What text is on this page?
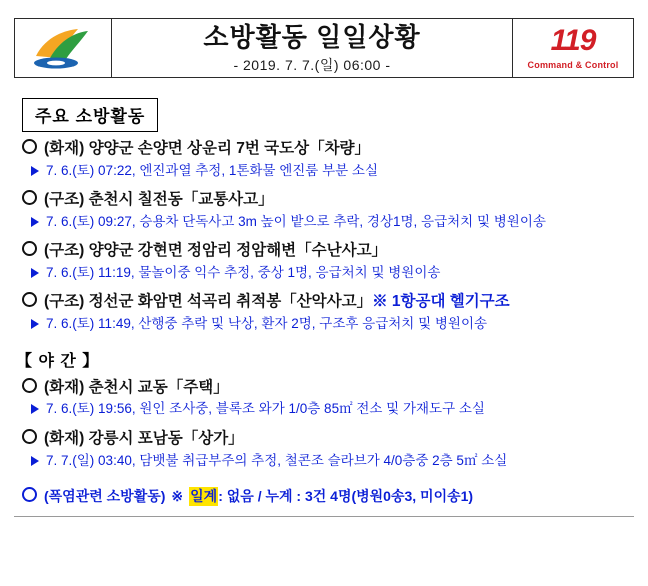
소방활동 일일상황
- 2019. 7. 7.(일) 06:00 -
119
Command & Control
주요 소방활동
(화재) 양양군 손양면 상운리 7번 국도상「차량」
7. 6.(토) 07:22, 엔진과열 추정, 1톤화물 엔진룸 부분 소실
(구조) 춘천시 칠전동「교통사고」
7. 6.(토) 09:27, 승용차 단독사고 3m 높이 밭으로 추락, 경상1명, 응급처치 및 병원이송
(구조) 양양군 강현면 정암리 정암해변「수난사고」
7. 6.(토) 11:19, 물놀이중 익수 추정, 중상 1명, 응급처치 및 병원이송
(구조) 정선군 화암면 석곡리 취적봉「산악사고」 ※ 1항공대 헬기구조
7. 6.(토) 11:49, 산행중 추락 및 낙상, 환자 2명, 구조후 응급처치 및 병원이송
【 야 간 】
(화재) 춘천시 교동「주택」
7. 6.(토) 19:56, 원인 조사중, 블록조 와가 1/0층 85㎡ 전소 및 가재도구 소실
(화재) 강릉시 포남동「상가」
7. 7.(일) 03:40, 담뱃불 취급부주의 추정, 철콘조 슬라브가 4/0층중 2층 5㎡ 소실
(폭염관련 소방활동) ※ 일계 : 없음 / 누계 : 3건 4명(병원0송3, 미이송1)
